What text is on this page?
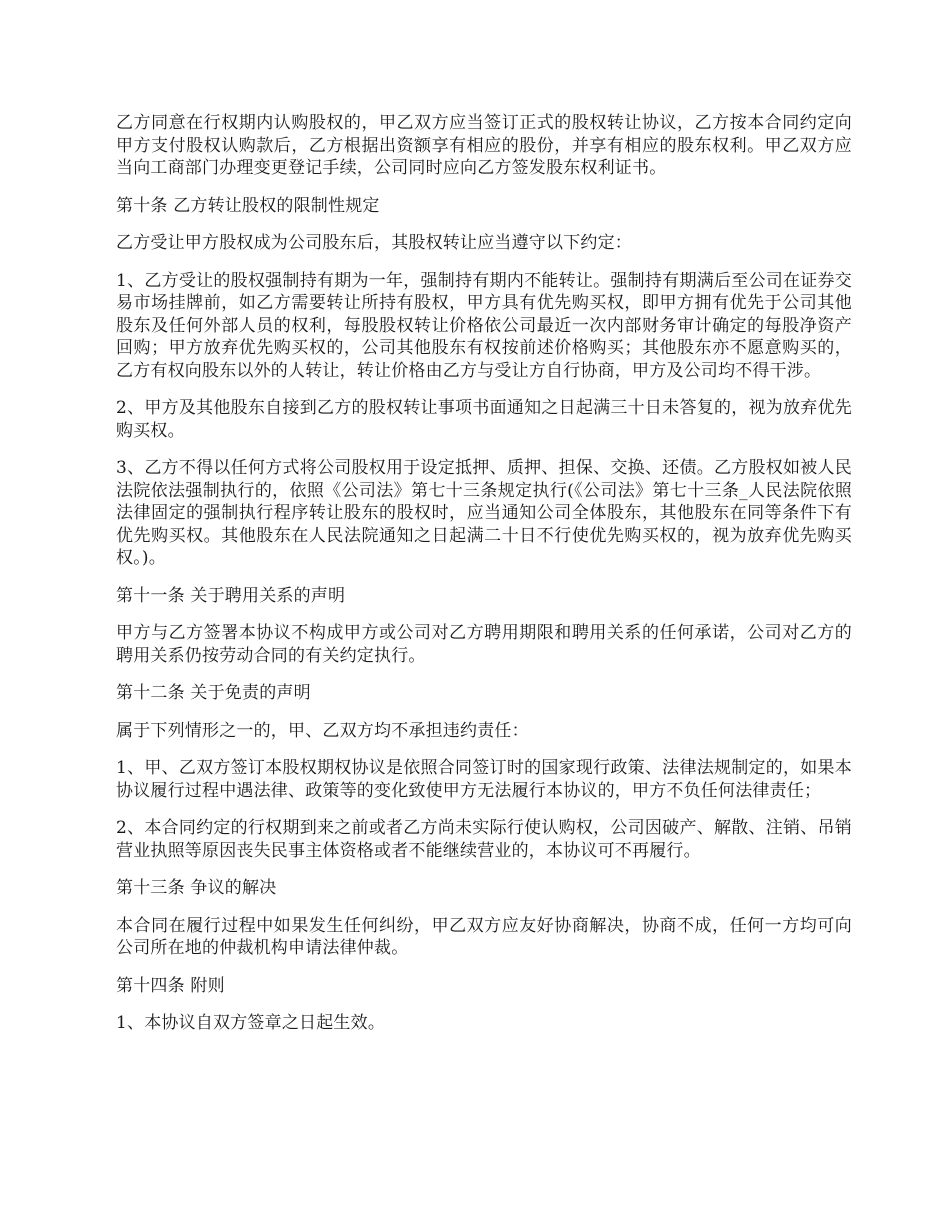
乙方同意在行权期内认购股权的，甲乙双方应当签订正式的股权转让协议，乙方按本合同约定向甲方支付股权认购款后，乙方根据出资额享有相应的股份，并享有相应的股东权利。甲乙双方应当向工商部门办理变更登记手续，公司同时应向乙方签发股东权利证书。

第十条 乙方转让股权的限制性规定

乙方受让甲方股权成为公司股东后，其股权转让应当遵守以下约定：

1、乙方受让的股权强制持有期为一年，强制持有期内不能转让。强制持有期满后至公司在证券交易市场挂牌前，如乙方需要转让所持有股权，甲方具有优先购买权，即甲方拥有优先于公司其他股东及任何外部人员的权利，每股股权转让价格依公司最近一次内部财务审计确定的每股净资产回购；甲方放弃优先购买权的，公司其他股东有权按前述价格购买；其他股东亦不愿意购买的，乙方有权向股东以外的人转让，转让价格由乙方与受让方自行协商，甲方及公司均不得干涉。

2、甲方及其他股东自接到乙方的股权转让事项书面通知之日起满三十日未答复的，视为放弃优先购买权。

3、乙方不得以任何方式将公司股权用于设定抵押、质押、担保、交换、还债。乙方股权如被人民法院依法强制执行的，依照《公司法》第七十三条规定执行(《公司法》第七十三条_人民法院依照法律固定的强制执行程序转让股东的股权时，应当通知公司全体股东，其他股东在同等条件下有优先购买权。其他股东在人民法院通知之日起满二十日不行使优先购买权的，视为放弃优先购买权。)。

第十一条 关于聘用关系的声明

甲方与乙方签署本协议不构成甲方或公司对乙方聘用期限和聘用关系的任何承诺，公司对乙方的聘用关系仍按劳动合同的有关约定执行。

第十二条 关于免责的声明

属于下列情形之一的，甲、乙双方均不承担违约责任：

1、甲、乙双方签订本股权期权协议是依照合同签订时的国家现行政策、法律法规制定的，如果本协议履行过程中遇法律、政策等的变化致使甲方无法履行本协议的，甲方不负任何法律责任；

2、本合同约定的行权期到来之前或者乙方尚未实际行使认购权，公司因破产、解散、注销、吊销营业执照等原因丧失民事主体资格或者不能继续营业的，本协议可不再履行。

第十三条 争议的解决

本合同在履行过程中如果发生任何纠纷，甲乙双方应友好协商解决，协商不成，任何一方均可向公司所在地的仲裁机构申请法律仲裁。

第十四条 附则

1、本协议自双方签章之日起生效。
